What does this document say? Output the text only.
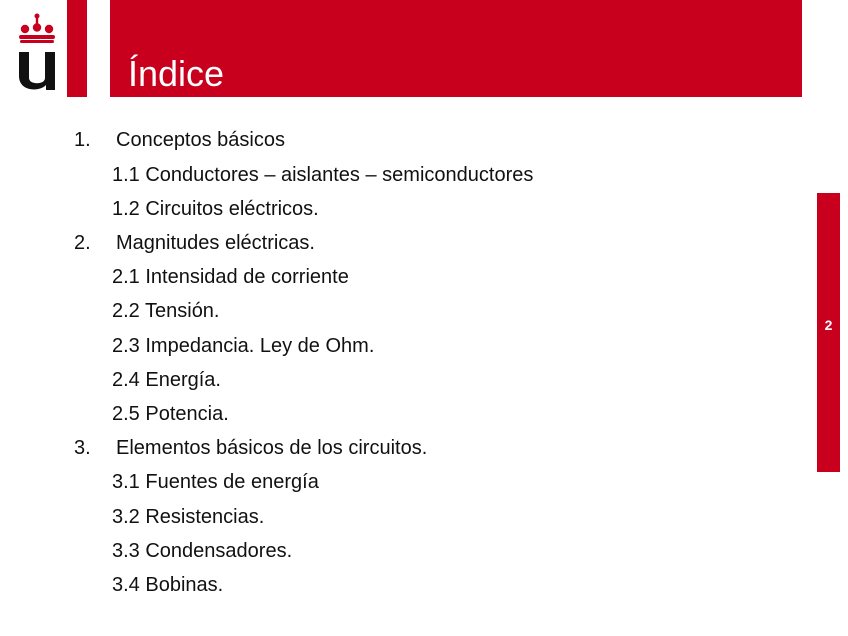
Índice
1. Conceptos básicos
1.1 Conductores – aislantes – semiconductores
1.2 Circuitos eléctricos.
2. Magnitudes eléctricas.
2.1 Intensidad de corriente
2.2 Tensión.
2.3 Impedancia. Ley de Ohm.
2.4 Energía.
2.5 Potencia.
3. Elementos básicos de los circuitos.
3.1 Fuentes de energía
3.2 Resistencias.
3.3 Condensadores.
3.4 Bobinas.
2
